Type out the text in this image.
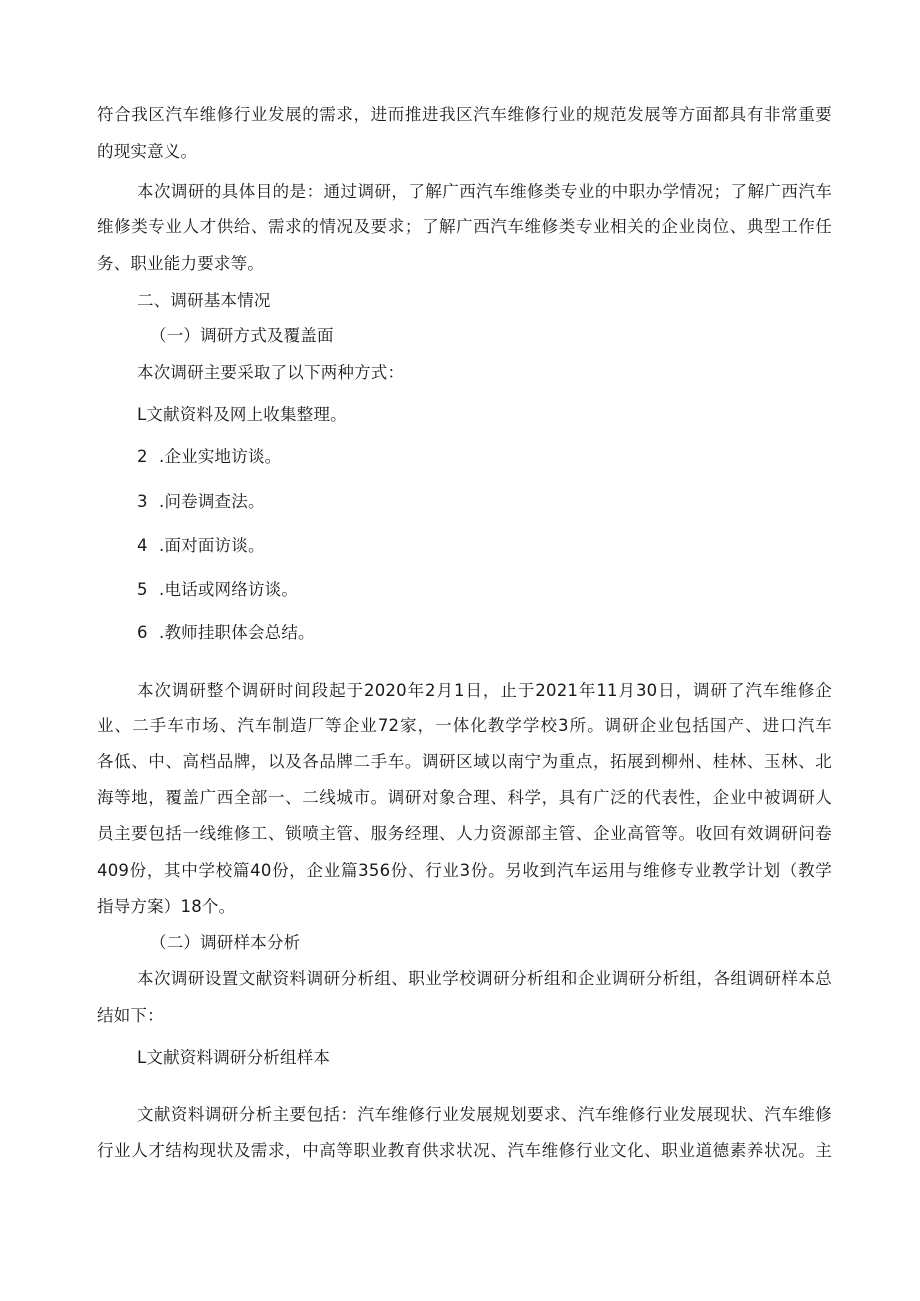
符合我区汽车维修行业发展的需求，进而推进我区汽车维修行业的规范发展等方面都具有非常重要
的现实意义。
本次调研的具体目的是：通过调研，了解广西汽车维修类专业的中职办学情况；了解广西汽车
维修类专业人才供给、需求的情况及要求；了解广西汽车维修类专业相关的企业岗位、典型工作任
务、职业能力要求等。
二、调研基本情况
（一）调研方式及覆盖面
本次调研主要采取了以下两种方式：
L文献资料及网上收集整理。
2 .企业实地访谈。
3 .问卷调查法。
4 .面对面访谈。
5 .电话或网络访谈。
6 .教师挂职体会总结。
本次调研整个调研时间段起于2020年2月1日，止于2021年11月30日，调研了汽车维修企
业、二手车市场、汽车制造厂等企业72家，一体化教学学校3所。调研企业包括国产、进口汽车
各低、中、高档品牌，以及各品牌二手车。调研区域以南宁为重点，拓展到柳州、桂林、玉林、北
海等地，覆盖广西全部一、二线城市。调研对象合理、科学，具有广泛的代表性，企业中被调研人
员主要包括一线维修工、锁喷主管、服务经理、人力资源部主管、企业高管等。收回有效调研问卷
409份，其中学校篇40份，企业篇356份、行业3份。另收到汽车运用与维修专业教学计划（教学
指导方案）18个。
（二）调研样本分析
本次调研设置文献资料调研分析组、职业学校调研分析组和企业调研分析组，各组调研样本总
结如下：
L文献资料调研分析组样本
文献资料调研分析主要包括：汽车维修行业发展规划要求、汽车维修行业发展现状、汽车维修
行业人才结构现状及需求，中高等职业教育供求状况、汽车维修行业文化、职业道德素养状况。主
